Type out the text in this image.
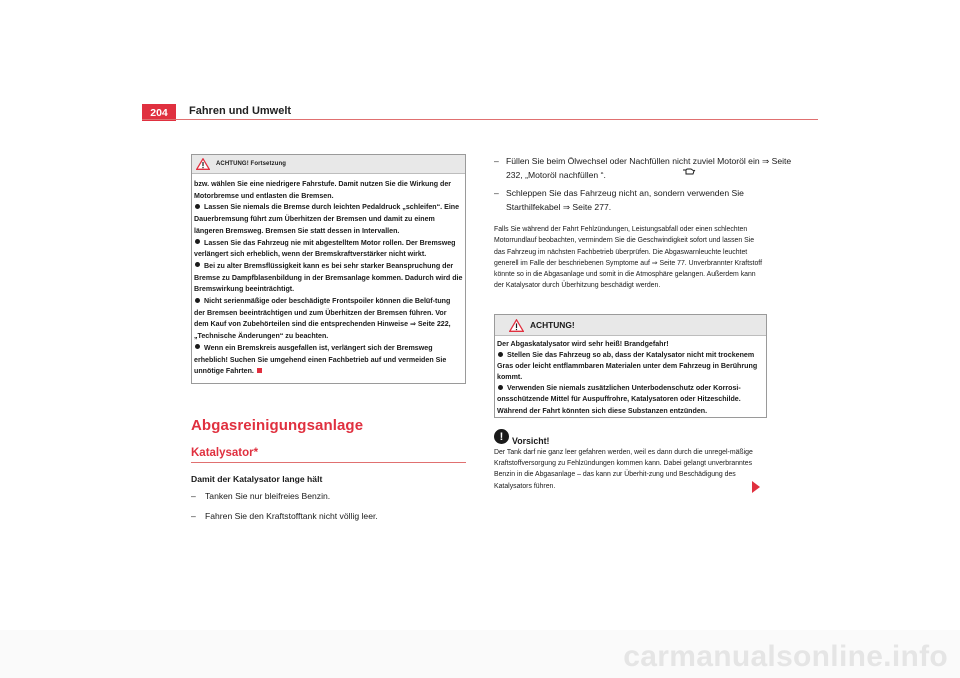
204	Fahren und Umwelt
ACHTUNG! Fortsetzung

bzw. wählen Sie eine niedrigere Fahrstufe. Damit nutzen Sie die Wirkung der Motorbremse und entlasten die Bremsen.

Lassen Sie niemals die Bremse durch leichten Pedaldruck „schleifen“. Eine Dauerbremsung führt zum Überhitzen der Bremsen und damit zu einem längeren Bremsweg. Bremsen Sie statt dessen in Intervallen.

Lassen Sie das Fahrzeug nie mit abgestelltem Motor rollen. Der Bremsweg verlängert sich erheblich, wenn der Bremskraftverstärker nicht wirkt.

Bei zu alter Bremsflüssigkeit kann es bei sehr starker Beanspruchung der Bremse zu Dampfblasenbildung in der Bremsanlage kommen. Dadurch wird die Bremswirkung beeinträchtigt.

Nicht serienmäßige oder beschädigte Frontspoiler können die Belüf-tung der Bremsen beeinträchtigen und zum Überhitzen der Bremsen führen. Vor dem Kauf von Zubehörteilen sind die entsprechenden Hinweise ⇒ Seite 222, „Technische Änderungen“ zu beachten.

Wenn ein Bremskreis ausgefallen ist, verlängert sich der Bremsweg erheblich! Suchen Sie umgehend einen Fachbetrieb auf und vermeiden Sie unnötige Fahrten.

Abgasreinigungsanlage
Katalysator*
Damit der Katalysator lange hält
– Tanken Sie nur bleifreies Benzin.
– Fahren Sie den Kraftstofftank nicht völlig leer.
– Füllen Sie beim Ölwechsel oder Nachfüllen nicht zuviel Motoröl ein ⇒ Seite 232, „Motoröl nachfüllen “.
– Schleppen Sie das Fahrzeug nicht an, sondern verwenden Sie Starthilfekabel ⇒ Seite 277.
Falls Sie während der Fahrt Fehlzündungen, Leistungsabfall oder einen schlechten Motorrundlauf beobachten, vermindern Sie die Geschwindigkeit sofort und lassen Sie das Fahrzeug im nächsten Fachbetrieb überprüfen. Die Abgaswarnleuchte leuchtet generell im Falle der beschriebenen Symptome auf ⇒ Seite 77. Unverbrannter Kraftstoff könnte so in die Abgasanlage und somit in die Atmosphäre gelangen. Außerdem kann der Katalysator durch Überhitzung beschädigt werden.
ACHTUNG!

Der Abgaskatalysator wird sehr heiß! Brandgefahr!

Stellen Sie das Fahrzeug so ab, dass der Katalysator nicht mit trockenem Gras oder leicht entflammbaren Materialen unter dem Fahrzeug in Berührung kommt.

Verwenden Sie niemals zusätzlichen Unterbodenschutz oder Korrosi-onsschützende Mittel für Auspuffrohre, Katalysatoren oder Hitzeschilde. Während der Fahrt könnten sich diese Substanzen entzünden.

! Vorsicht!
Der Tank darf nie ganz leer gefahren werden, weil es dann durch die unregel-mäßige Kraftstoffversorgung zu Fehlzündungen kommen kann. Dabei gelangt unverbranntes Benzin in die Abgasanlage – das kann zur Überhit-zung und Beschädigung des Katalysators führen.
carmanualsonline.info
